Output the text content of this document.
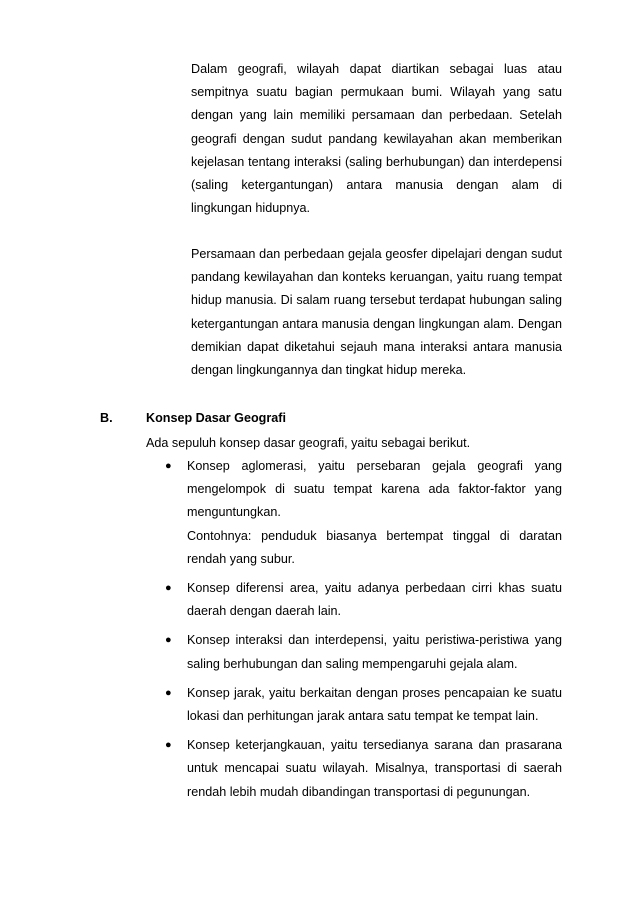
Dalam geografi, wilayah dapat diartikan sebagai luas atau sempitnya suatu bagian permukaan bumi. Wilayah yang satu dengan yang lain memiliki persamaan dan perbedaan. Setelah geografi dengan sudut pandang kewilayahan akan memberikan kejelasan tentang interaksi (saling berhubungan) dan interdepensi (saling ketergantungan) antara manusia dengan alam di lingkungan hidupnya.

Persamaan dan perbedaan gejala geosfer dipelajari dengan sudut pandang kewilayahan dan konteks keruangan, yaitu ruang tempat hidup manusia. Di salam ruang tersebut terdapat hubungan saling ketergantungan antara manusia dengan lingkungan alam. Dengan demikian dapat diketahui sejauh mana interaksi antara manusia dengan lingkungannya dan tingkat hidup mereka.

B.	Konsep Dasar Geografi

Ada sepuluh konsep dasar geografi, yaitu sebagai berikut.

● Konsep aglomerasi, yaitu persebaran gejala geografi yang mengelompok di suatu tempat karena ada faktor-faktor yang menguntungkan.
Contohnya: penduduk biasanya bertempat tinggal di daratan rendah yang subur.
● Konsep diferensi area, yaitu adanya perbedaan cirri khas suatu daerah dengan daerah lain.
● Konsep interaksi dan interdepensi, yaitu peristiwa-peristiwa yang saling berhubungan dan saling mempengaruhi gejala alam.
● Konsep jarak, yaitu berkaitan dengan proses pencapaian ke suatu lokasi dan perhitungan jarak antara satu tempat ke tempat lain.
● Konsep keterjangkauan, yaitu tersedianya sarana dan prasarana untuk mencapai suatu wilayah. Misalnya, transportasi di saerah rendah lebih mudah dibandingan transportasi di pegunungan.
